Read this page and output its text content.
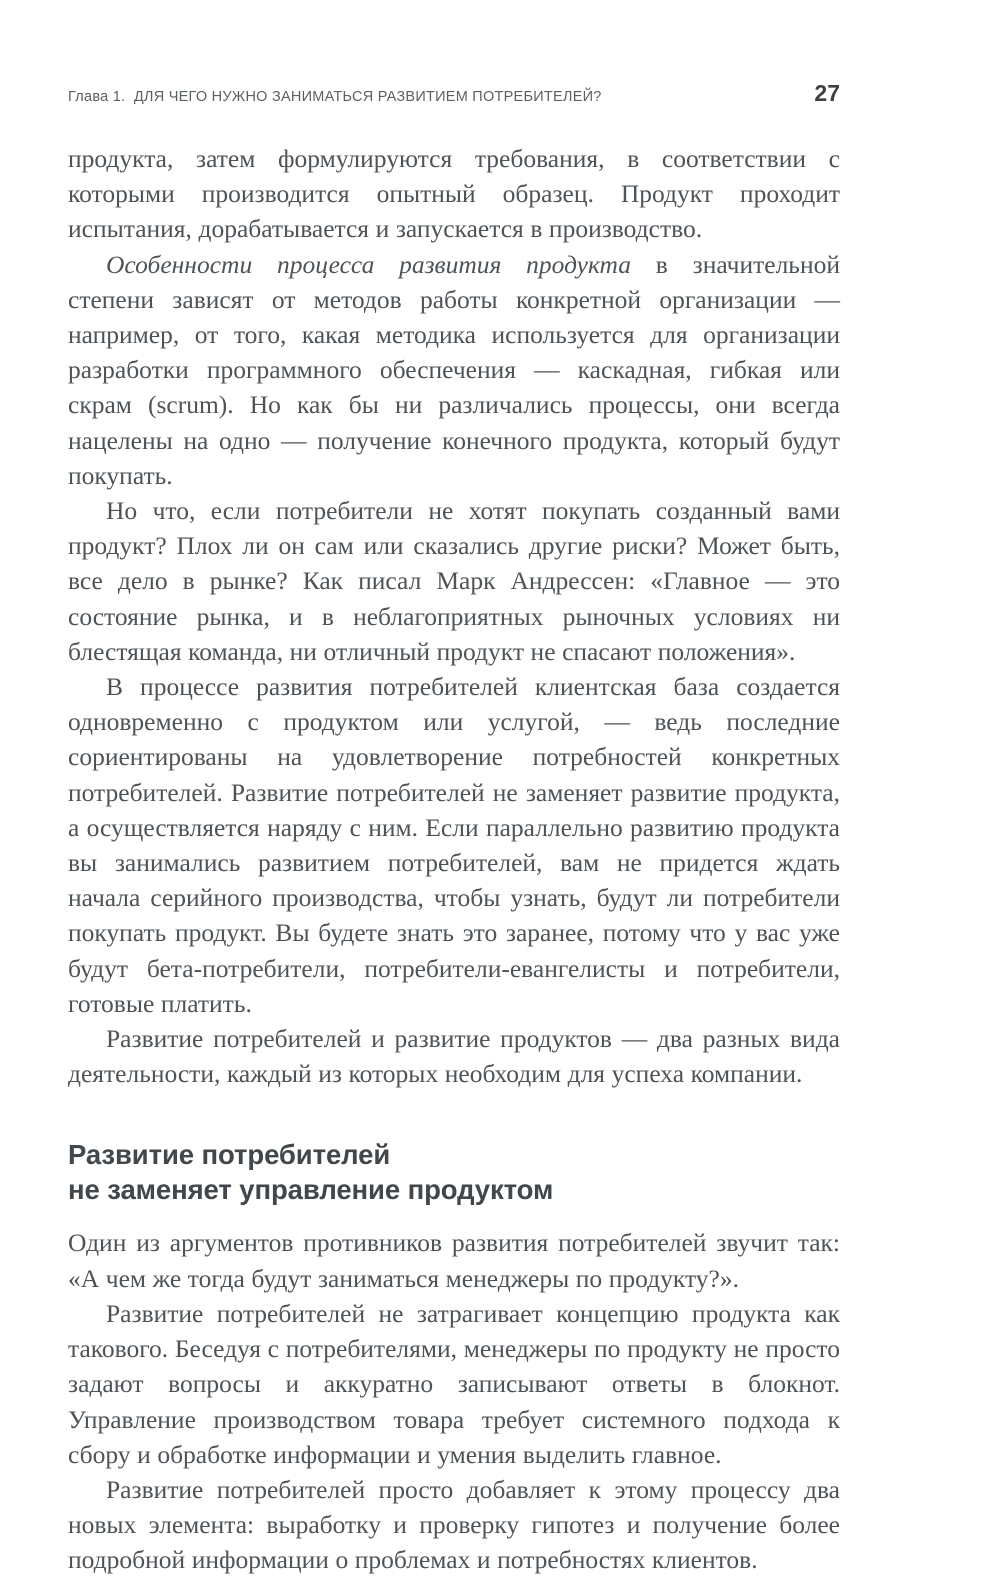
Глава 1. ДЛЯ ЧЕГО НУЖНО ЗАНИМАТЬСЯ РАЗВИТИЕМ ПОТРЕБИТЕЛЕЙ?	27

продукта, затем формулируются требования, в соответствии с которыми производится опытный образец. Продукт проходит испытания, дорабатывается и запускается в производство.

Особенности процесса развития продукта в значительной степени зависят от методов работы конкретной организации — например, от того, какая методика используется для организации разработки программного обеспечения — каскадная, гибкая или скрам (scrum). Но как бы ни различались процессы, они всегда нацелены на одно — получение конечного продукта, который будут покупать.

Но что, если потребители не хотят покупать созданный вами продукт? Плох ли он сам или сказались другие риски? Может быть, все дело в рынке? Как писал Марк Андрессен: «Главное — это состояние рынка, и в неблагоприятных рыночных условиях ни блестящая команда, ни отличный продукт не спасают положения».

В процессе развития потребителей клиентская база создается одновременно с продуктом или услугой, — ведь последние сориентированы на удовлетворение потребностей конкретных потребителей. Развитие потребителей не заменяет развитие продукта, а осуществляется наряду с ним. Если параллельно развитию продукта вы занимались развитием потребителей, вам не придется ждать начала серийного производства, чтобы узнать, будут ли потребители покупать продукт. Вы будете знать это заранее, потому что у вас уже будут бета-потребители, потребители-евангелисты и потребители, готовые платить.

Развитие потребителей и развитие продуктов — два разных вида деятельности, каждый из которых необходим для успеха компании.

Развитие потребителей
не заменяет управление продуктом

Один из аргументов противников развития потребителей звучит так: «А чем же тогда будут заниматься менеджеры по продукту?».

Развитие потребителей не затрагивает концепцию продукта как такового. Беседуя с потребителями, менеджеры по продукту не просто задают вопросы и аккуратно записывают ответы в блокнот. Управление производством товара требует системного подхода к сбору и обработке информации и умения выделить главное.

Развитие потребителей просто добавляет к этому процессу два новых элемента: выработку и проверку гипотез и получение более подробной информации о проблемах и потребностях клиентов.
